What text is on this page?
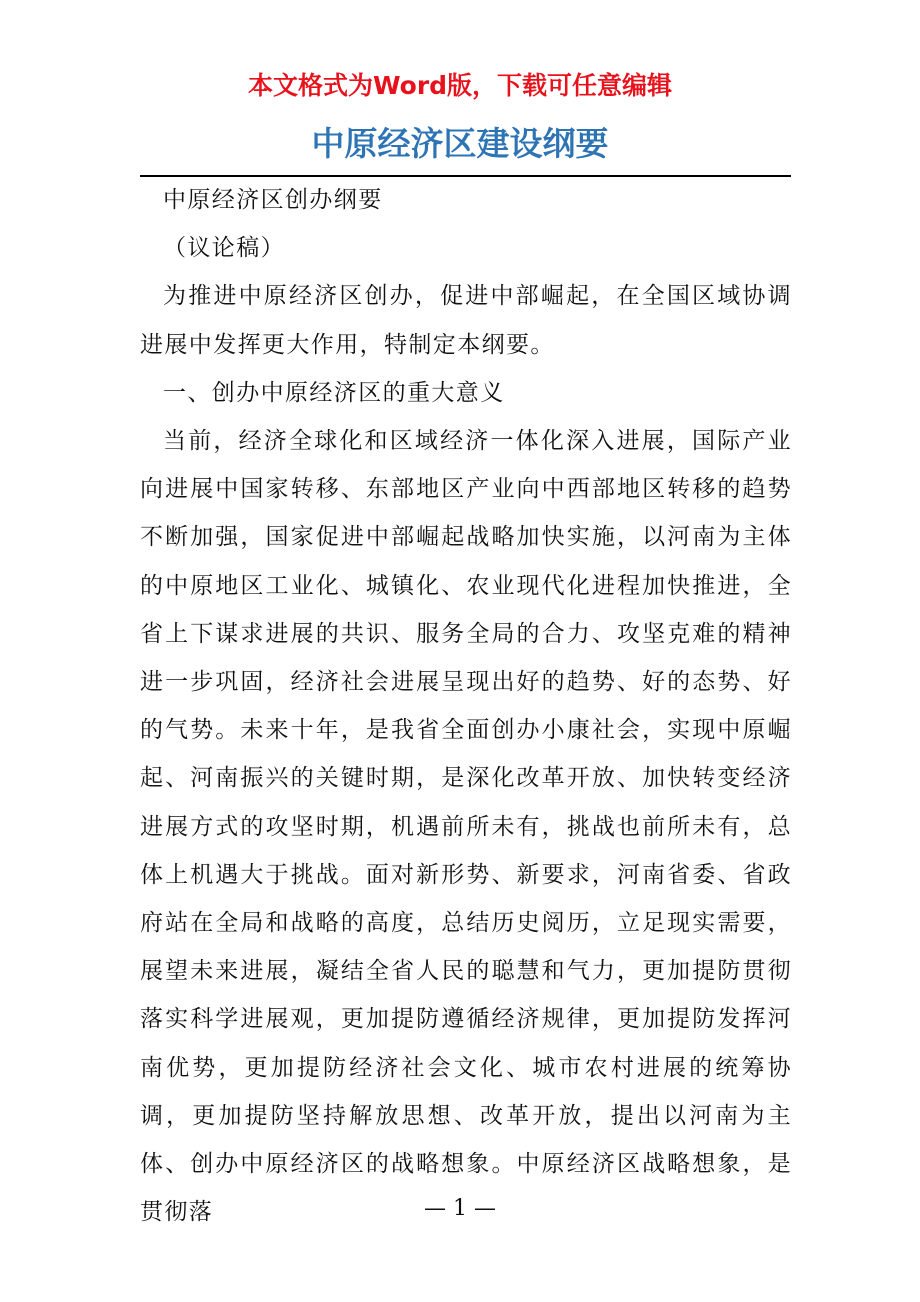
本文格式为Word版，下载可任意编辑
中原经济区建设纲要

中原经济区创办纲要

（议论稿）

为推进中原经济区创办，促进中部崛起，在全国区域协调进展中发挥更大作用，特制定本纲要。

一、创办中原经济区的重大意义

当前，经济全球化和区域经济一体化深入进展，国际产业向进展中国家转移、东部地区产业向中西部地区转移的趋势不断加强，国家促进中部崛起战略加快实施，以河南为主体的中原地区工业化、城镇化、农业现代化进程加快推进，全省上下谋求进展的共识、服务全局的合力、攻坚克难的精神进一步巩固，经济社会进展呈现出好的趋势、好的态势、好的气势。未来十年，是我省全面创办小康社会，实现中原崛起、河南振兴的关键时期，是深化改革开放、加快转变经济进展方式的攻坚时期，机遇前所未有，挑战也前所未有，总体上机遇大于挑战。面对新形势、新要求，河南省委、省政府站在全局和战略的高度，总结历史阅历，立足现实需要，展望未来进展，凝结全省人民的聪慧和气力，更加提防贯彻落实科学进展观，更加提防遵循经济规律，更加提防发挥河南优势，更加提防经济社会文化、城市农村进展的统筹协调，更加提防坚持解放思想、改革开放，提出以河南为主体、创办中原经济区的战略想象。中原经济区战略想象，是贯彻落	— 1 —
